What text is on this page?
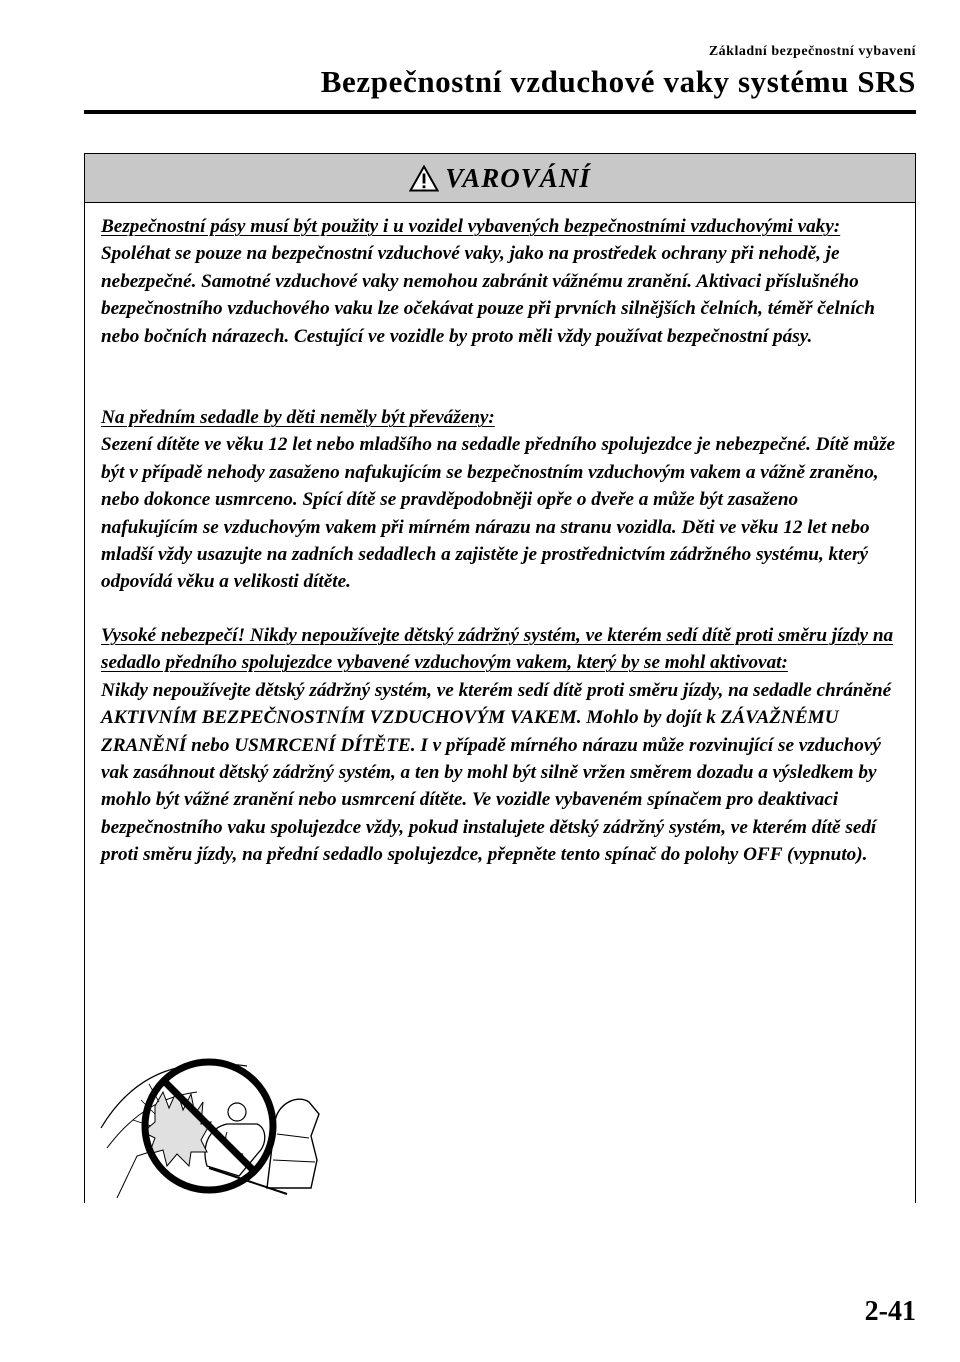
Základní bezpečnostní vybavení
Bezpečnostní vzduchové vaky systému SRS
VAROVÁNÍ

Bezpečnostní pásy musí být použity i u vozidel vybavených bezpečnostními vzduchovými vaky:
Spoléhat se pouze na bezpečnostní vzduchové vaky, jako na prostředek ochrany při nehodě, je nebezpečné. Samotné vzduchové vaky nemohou zabránit vážnému zranění. Aktivaci příslušného bezpečnostního vzduchového vaku lze očekávat pouze při prvních silnějších čelních, téměř čelních nebo bočních nárazech. Cestující ve vozidle by proto měli vždy používat bezpečnostní pásy.

Na předním sedadle by děti neměly být převáženy:
Sezení dítěte ve věku 12 let nebo mladšího na sedadle předního spolujezdce je nebezpečné. Dítě může být v případě nehody zasaženo nafukujícím se bezpečnostním vzduchovým vakem a vážně zraněno, nebo dokonce usmrceno. Spící dítě se pravděpodobněji opře o dveře a může být zasaženo nafukujícím se vzduchovým vakem při mírném nárazu na stranu vozidla. Děti ve věku 12 let nebo mladší vždy usazujte na zadních sedadlech a zajistěte je prostřednictvím zádržného systému, který odpovídá věku a velikosti dítěte.

Vysoké nebezpečí! Nikdy nepoužívejte dětský zádržný systém, ve kterém sedí dítě proti směru jízdy na sedadlo předního spolujezdce vybavené vzduchovým vakem, který by se mohl aktivovat:
Nikdy nepoužívejte dětský zádržný systém, ve kterém sedí dítě proti směru jízdy, na sedadle chráněné AKTIVNÍM BEZPEČNOSTNÍM VZDUCHOVÝM VAKEM. Mohlo by dojít k ZÁVAŽNÉMU ZRANĚNÍ nebo USMRCENÍ DÍTĚTE. I v případě mírného nárazu může rozvinující se vzduchový vak zasáhnout dětský zádržný systém, a ten by mohl být silně vržen směrem dozadu a výsledkem by mohlo být vážné zranění nebo usmrcení dítěte. Ve vozidle vybaveném spínačem pro deaktivaci bezpečnostního vaku spolujezdce vždy, pokud instalujete dětský zádržný systém, ve kterém dítě sedí proti směru jízdy, na přední sedadlo spolujezdce, přepněte tento spínač do polohy OFF (vypnuto).

2-41
